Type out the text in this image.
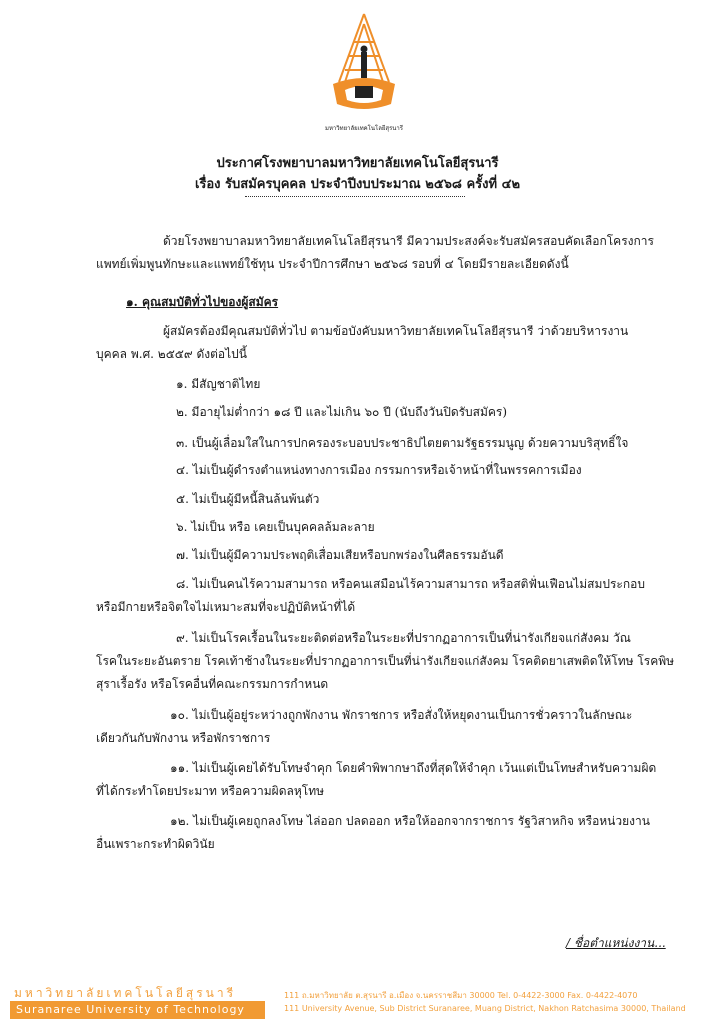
มหาวิทยาลัยเทคโนโลยีสุรนารี
ประกาศโรงพยาบาลมหาวิทยาลัยเทคโนโลยีสุรนารี
เรื่อง รับสมัครบุคคล ประจำปีงบประมาณ ๒๕๖๘ ครั้งที่ ๔๒
ด้วยโรงพยาบาลมหาวิทยาลัยเทคโนโลยีสุรนารี มีความประสงค์จะรับสมัครสอบคัดเลือกโครงการ
แพทย์เพิ่มพูนทักษะและแพทย์ใช้ทุน ประจำปีการศึกษา ๒๕๖๘ รอบที่ ๔ โดยมีรายละเอียดดังนี้
๑. คุณสมบัติทั่วไปของผู้สมัคร
ผู้สมัครต้องมีคุณสมบัติทั่วไป ตามข้อบังคับมหาวิทยาลัยเทคโนโลยีสุรนารี ว่าด้วยบริหารงาน
บุคคล พ.ศ. ๒๕๕๙ ดังต่อไปนี้
๑. มีสัญชาติไทย
๒. มีอายุไม่ต่ำกว่า ๑๘ ปี และไม่เกิน ๖๐ ปี (นับถึงวันปิดรับสมัคร)
๓. เป็นผู้เลื่อมใสในการปกครองระบอบประชาธิปไตยตามรัฐธรรมนูญ ด้วยความบริสุทธิ์ใจ
๔. ไม่เป็นผู้ดำรงตำแหน่งทางการเมือง กรรมการหรือเจ้าหน้าที่ในพรรคการเมือง
๕. ไม่เป็นผู้มีหนี้สินล้นพ้นตัว
๖. ไม่เป็น หรือ เคยเป็นบุคคลล้มละลาย
๗. ไม่เป็นผู้มีความประพฤติเสื่อมเสียหรือบกพร่องในศีลธรรมอันดี
๘. ไม่เป็นคนไร้ความสามารถ หรือคนเสมือนไร้ความสามารถ หรือสติฟั่นเฟือนไม่สมประกอบ
หรือมีกายหรือจิตใจไม่เหมาะสมที่จะปฏิบัติหน้าที่ได้
๙. ไม่เป็นโรคเรื้อนในระยะติดต่อหรือในระยะที่ปรากฏอาการเป็นที่น่ารังเกียจแก่สังคม วัณ
โรคในระยะอันตราย โรคเท้าช้างในระยะที่ปรากฏอาการเป็นที่น่ารังเกียจแก่สังคม โรคติดยาเสพติดให้โทษ โรคพิษ
สุราเรื้อรัง หรือโรคอื่นที่คณะกรรมการกำหนด
๑๐. ไม่เป็นผู้อยู่ระหว่างถูกพักงาน พักราชการ หรือสั่งให้หยุดงานเป็นการชั่วคราวในลักษณะ
เดียวกันกับพักงาน หรือพักราชการ
๑๑. ไม่เป็นผู้เคยได้รับโทษจำคุก โดยคำพิพากษาถึงที่สุดให้จำคุก เว้นแต่เป็นโทษสำหรับความผิด
ที่ได้กระทำโดยประมาท หรือความผิดลหุโทษ
๑๒. ไม่เป็นผู้เคยถูกลงโทษ ไล่ออก ปลดออก หรือให้ออกจากราชการ รัฐวิสาหกิจ หรือหน่วยงาน
อื่นเพราะกระทำผิดวินัย
/ ชื่อตำแหน่งงาน...
มหาวิทยาลัยเทคโนโลยีสุรนารี
Suranaree University of Technology
111 ถ.มหาวิทยาลัย ต.สุรนารี อ.เมือง จ.นครราชสีมา 30000 Tel. 0-4422-3000 Fax. 0-4422-4070
111 University Avenue, Sub District Suranaree, Muang District, Nakhon Ratchasima 30000, Thailand
